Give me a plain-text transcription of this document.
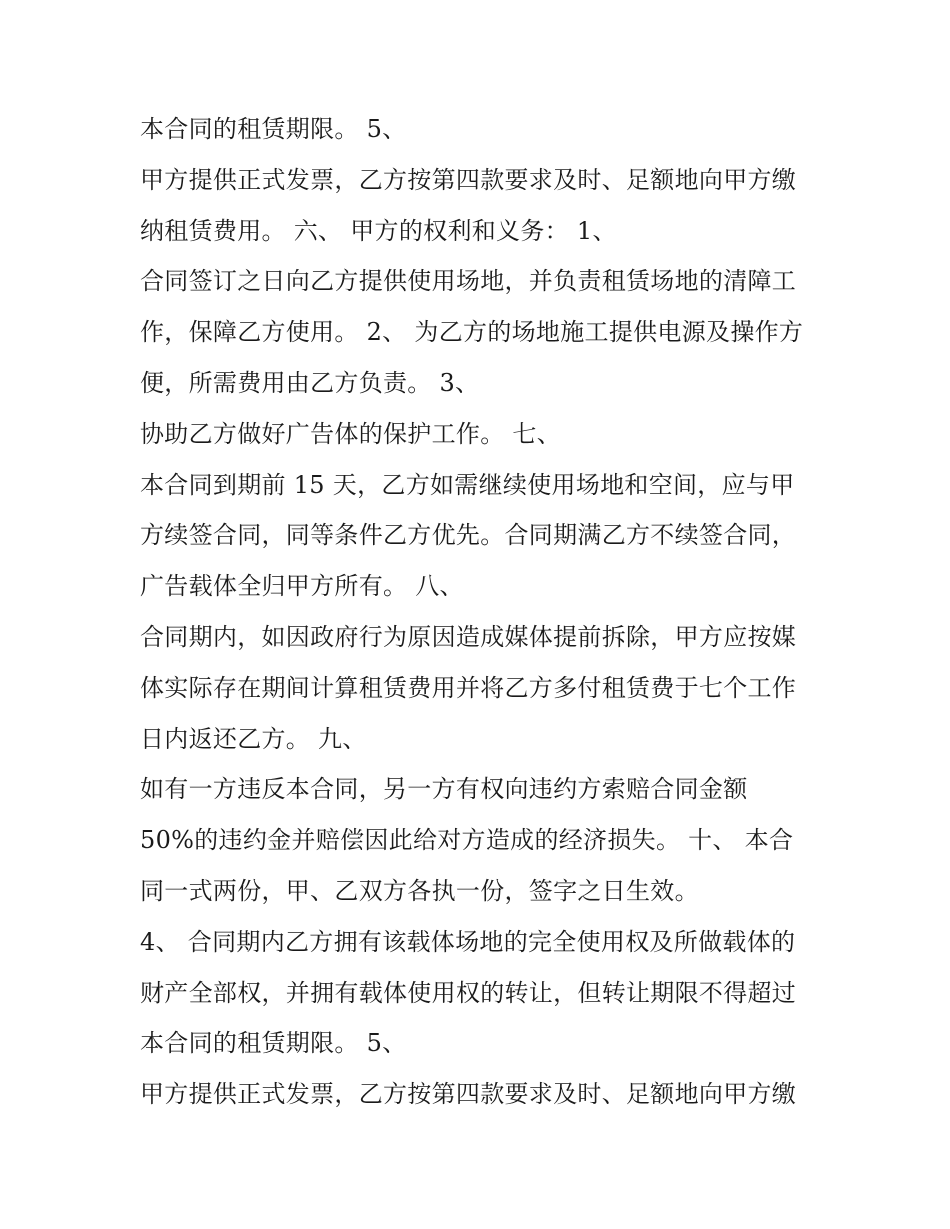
本合同的租赁期限。 5、
甲方提供正式发票，乙方按第四款要求及时、足额地向甲方缴
纳租赁费用。 六、 甲方的权利和义务： 1、
合同签订之日向乙方提供使用场地，并负责租赁场地的清障工
作，保障乙方使用。 2、 为乙方的场地施工提供电源及操作方
便，所需费用由乙方负责。 3、
协助乙方做好广告体的保护工作。 七、
本合同到期前 15 天，乙方如需继续使用场地和空间，应与甲
方续签合同，同等条件乙方优先。合同期满乙方不续签合同，
广告载体全归甲方所有。 八、
合同期内，如因政府行为原因造成媒体提前拆除，甲方应按媒
体实际存在期间计算租赁费用并将乙方多付租赁费于七个工作
日内返还乙方。 九、
如有一方违反本合同，另一方有权向违约方索赔合同金额
50%的违约金并赔偿因此给对方造成的经济损失。 十、 本合
同一式两份，甲、乙双方各执一份，签字之日生效。
4、 合同期内乙方拥有该载体场地的完全使用权及所做载体的
财产全部权，并拥有载体使用权的转让，但转让期限不得超过
本合同的租赁期限。 5、
甲方提供正式发票，乙方按第四款要求及时、足额地向甲方缴
